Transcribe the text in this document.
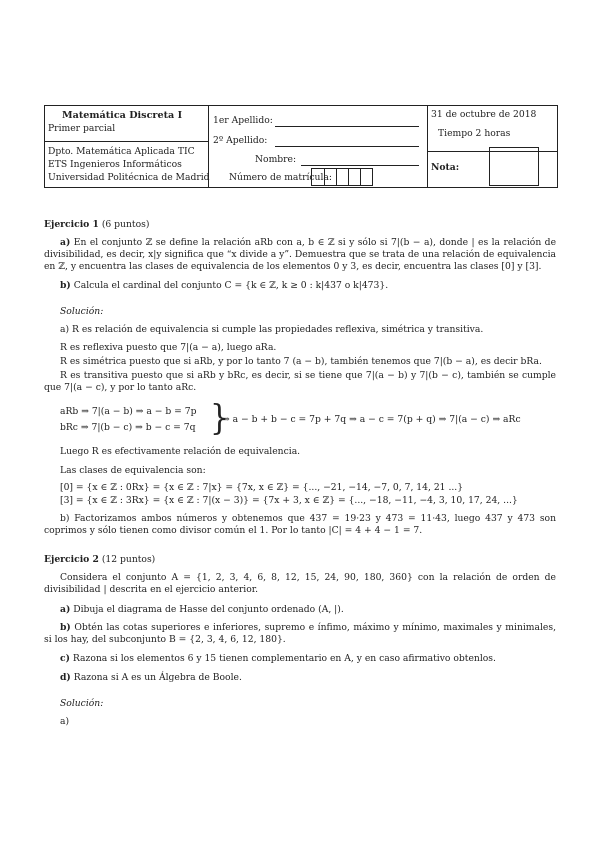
Matemática Discreta I
Primer parcial
Dpto. Matemática Aplicada TIC
ETS Ingenieros Informáticos
Universidad Politécnica de Madrid
1er Apellido:
2º Apellido:
Nombre:
Número de matrícula:
31 de octubre de 2018
Tiempo 2 horas
Nota:
Ejercicio 1 (6 puntos)
a) En el conjunto ℤ se define la relación aRb con a, b ∈ ℤ si y sólo si 7|(b − a), donde | es la relación de divisibilidad, es decir, x|y significa que “x divide a y”. Demuestra que se trata de una relación de equivalencia en ℤ, y encuentra las clases de equivalencia de los elementos 0 y 3, es decir, encuentra las clases [0] y [3].
b) Calcula el cardinal del conjunto C = {k ∈ ℤ, k ≥ 0 : k|437 o k|473}.
Solución:
a) R es relación de equivalencia si cumple las propiedades reflexiva, simétrica y transitiva.
R es reflexiva puesto que 7|(a − a), luego aRa.
R es simétrica puesto que si aRb, y por lo tanto 7 (a − b), también tenemos que 7|(b − a), es decir bRa.
R es transitiva puesto que si aRb y bRc, es decir, si se tiene que 7|(a − b) y 7|(b − c), también se cumple que 7|(a − c), y por lo tanto aRc.
aRb ⇒ 7|(a − b) ⇒ a − b = 7p
bRc ⇒ 7|(b − c) ⇒ b − c = 7q }
⇒ a − b + b − c = 7p + 7q ⇒ a − c = 7(p + q) ⇒ 7|(a − c) ⇒ aRc
Luego R es efectivamente relación de equivalencia.
Las clases de equivalencia son:
[0] = {x ∈ ℤ : 0Rx} = {x ∈ ℤ : 7|x} = {7x, x ∈ ℤ} = {..., −21, −14, −7, 0, 7, 14, 21 ...}
[3] = {x ∈ ℤ : 3Rx} = {x ∈ ℤ : 7|(x − 3)} = {7x + 3, x ∈ ℤ} = {..., −18, −11, −4, 3, 10, 17, 24, ...}
b) Factorizamos ambos números y obtenemos que 437 = 19·23 y 473 = 11·43, luego 437 y 473 son coprimos y sólo tienen como divisor común el 1. Por lo tanto |C| = 4 + 4 − 1 = 7.
Ejercicio 2 (12 puntos)
Considera el conjunto A = {1, 2, 3, 4, 6, 8, 12, 15, 24, 90, 180, 360} con la relación de orden de divisibilidad | descrita en el ejercicio anterior.
a) Dibuja el diagrama de Hasse del conjunto ordenado (A, |).
b) Obtén las cotas superiores e inferiores, supremo e ínfimo, máximo y mínimo, maximales y minimales, si los hay, del subconjunto B = {2, 3, 4, 6, 12, 180}.
c) Razona si los elementos 6 y 15 tienen complementario en A, y en caso afirmativo obtenlos.
d) Razona si A es un Álgebra de Boole.
Solución:
a)
